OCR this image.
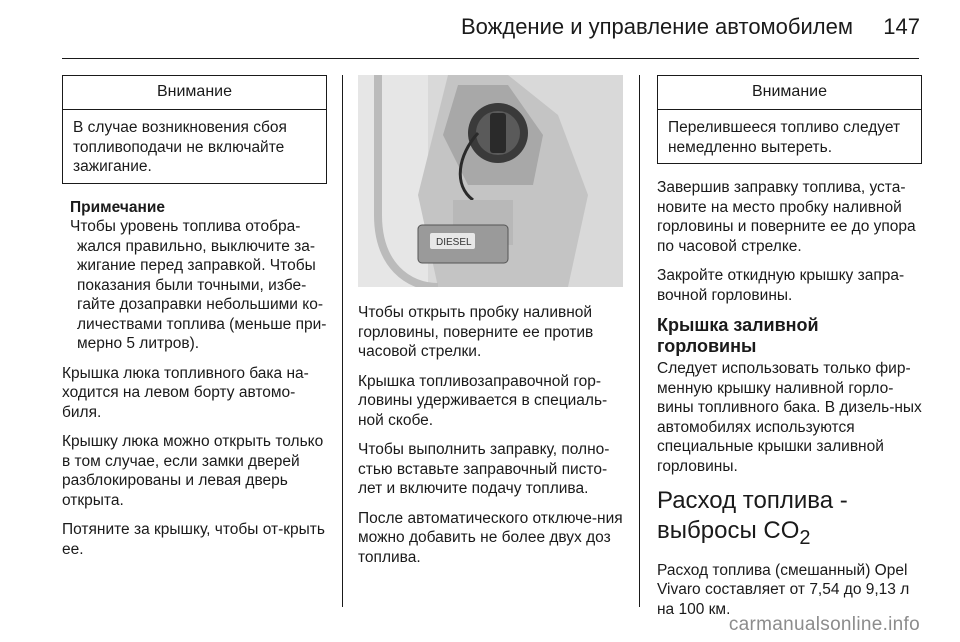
Вождение и управление автомобилем 147
Внимание
В случае возникновения сбоя топливоподачи не включайте зажигание.
Примечание
Чтобы уровень топлива отобра-жался правильно, выключите за-жигание перед заправкой. Чтобы показания были точными, избе-гайте дозаправки небольшими ко-личествами топлива (меньше при-мерно 5 литров).

Крышка люка топливного бака на-ходится на левом борту автомо-биля.

Крышку люка можно открыть только в том случае, если замки дверей разблокированы и левая дверь открыта.

Потяните за крышку, чтобы от-крыть ее.

DIESEL

Чтобы открыть пробку наливной горловины, поверните ее против часовой стрелки.

Крышка топливозаправочной гор-ловины удерживается в специаль-ной скобе.

Чтобы выполнить заправку, полно-стью вставьте заправочный писто-лет и включите подачу топлива.

После автоматического отключе-ния можно добавить не более двух доз топлива.

Внимание
Перелившееся топливо следует немедленно вытереть.

Завершив заправку топлива, уста-новите на место пробку наливной горловины и поверните ее до упора по часовой стрелке.

Закройте откидную крышку запра-вочной горловины.

Крышка заливной горловины

Следует использовать только фир-менную крышку наливной горло-вины топливного бака. В дизель-ных автомобилях используются специальные крышки заливной горловины.

Расход топлива - выбросы $CO_2$

Расход топлива (смешанный) Opel Vivaro составляет от 7,54 до 9,13 л на 100 км.

carmanualsonline.info
